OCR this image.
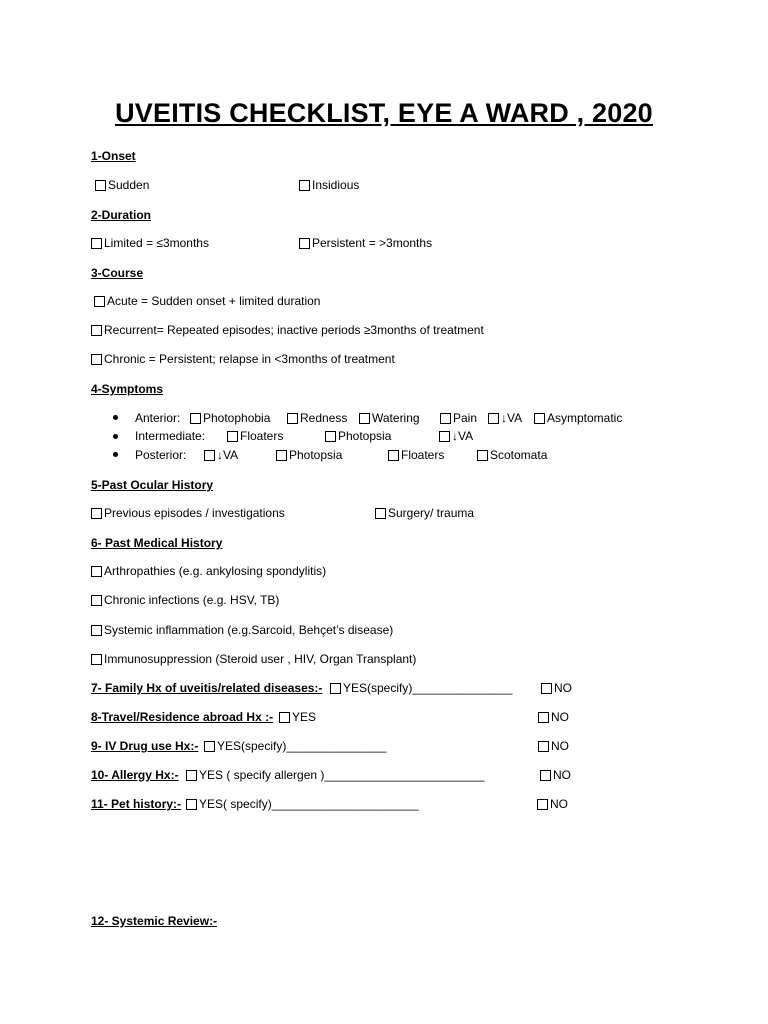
UVEITIS CHECKLIST, EYE A WARD , 2020
1-Onset
Sudden	Insidious
2-Duration
Limited = ≤3months	Persistent = >3months
3-Course
Acute = Sudden onset + limited duration
Recurrent= Repeated episodes; inactive periods ≥3months of treatment
Chronic = Persistent; relapse in <3months of treatment
4-Symptoms
Anterior: Photophobia Redness Watering	Pain ↓VA Asymptomatic
Intermediate:	Floaters	Photopsia	↓VA
Posterior:	↓VA	Photopsia	Floaters	Scotomata
5-Past Ocular History
Previous episodes / investigations	Surgery/ trauma
6- Past Medical History
Arthropathies (e.g. ankylosing spondylitis)
Chronic infections (e.g. HSV, TB)
Systemic inflammation (e.g.Sarcoid, Behçet’s disease)
Immunosuppression (Steroid user , HIV, Organ Transplant)
7- Family Hx of uveitis/related diseases:- YES(specify)_______________	NO
8-Travel/Residence abroad Hx :- YES	NO
9- IV Drug use Hx:- YES(specify)_______________	NO
10- Allergy Hx:- YES ( specify allergen )________________________	NO
11- Pet history:- YES( specify)______________________	NO
12- Systemic Review:-
